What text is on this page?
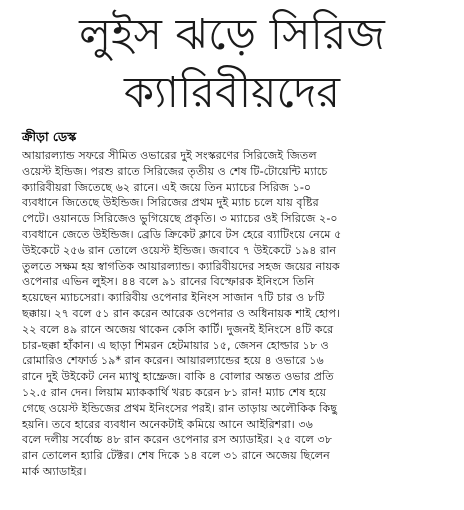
লুইস ঝড়ে সিরিজ
ক্যারিবীয়দের
ক্রীড়া ডেস্ক
আয়ারল্যান্ড সফরে সীমিত ওভারের দুই সংস্করণের সিরিজেই জিতল
ওয়েস্ট ইন্ডিজ। পরশু রাতে সিরিজের তৃতীয় ও শেষ টি-টোয়েন্টি ম্যাচে
ক্যারিবীয়রা জিতেছে ৬২ রানে। এই জয়ে তিন ম্যাচের সিরিজ ১-০
ব্যবধানে জিতেছে উইন্ডিজ। সিরিজের প্রথম দুই ম্যাচ চলে যায় বৃষ্টির
পেটে। ওয়ানডে সিরিজেও ভুগিয়েছে প্রকৃতি। ৩ ম্যাচের ওই সিরিজে ২-০
ব্যবধানে জেতে উইন্ডিজ। ব্রেডি ক্রিকেট ক্লাবে টস হেরে ব্যাটিংয়ে নেমে ৫
উইকেটে ২৫৬ রান তোলে ওয়েস্ট ইন্ডিজ। জবাবে ৭ উইকেটে ১৯৪ রান
তুলতে সক্ষম হয় স্বাগতিক আয়ারল্যান্ড। ক্যারিবীয়দের সহজ জয়ের নায়ক
ওপেনার এভিন লুইস। ৪৪ বলে ৯১ রানের বিস্ফোরক ইনিংসে তিনি
হয়েছেন ম্যাচসেরা। ক্যারিবীয় ওপেনার ইনিংস সাজান ৭টি চার ও ৮টি
ছক্কায়। ২৭ বলে ৫১ রান করেন আরেক ওপেনার ও অধিনায়ক শাই হোপ।
২২ বলে ৪৯ রানে অজেয় থাকেন কেসি কার্টি। দুজনই ইনিংসে ৪টি করে
চার-ছক্কা হাঁকান। এ ছাড়া শিমরন হেটমায়ার ১৫, জেসন হোল্ডার ১৮ ও
রোমারিও শেফার্ড ১৯* রান করেন। আয়ারল্যান্ডের হয়ে ৪ ওভারে ১৬
রানে দুই উইকেট নেন ম্যাথু হাম্ফ্রেজ। বাকি ৪ বোলার অন্তত ওভার প্রতি
১২.৫ রান দেন। লিয়াম ম্যাককার্থি খরচ করেন ৮১ রান! ম্যাচ শেষ হয়ে
গেছে ওয়েস্ট ইন্ডিজের প্রথম ইনিংসের পরই। রান তাড়ায় অলৌকিক কিছু
হয়নি। তবে হারের ব্যবধান অনেকটাই কমিয়ে আনে আইরিশরা। ৩৬
বলে দলীয় সর্বোচ্চ ৪৮ রান করেন ওপেনার রস অ্যাডাইর। ২৫ বলে ৩৮
রান তোলেন হ্যারি টেক্টর। শেষ দিকে ১৪ বলে ৩১ রানে অজেয় ছিলেন
মার্ক অ্যাডাইর।
